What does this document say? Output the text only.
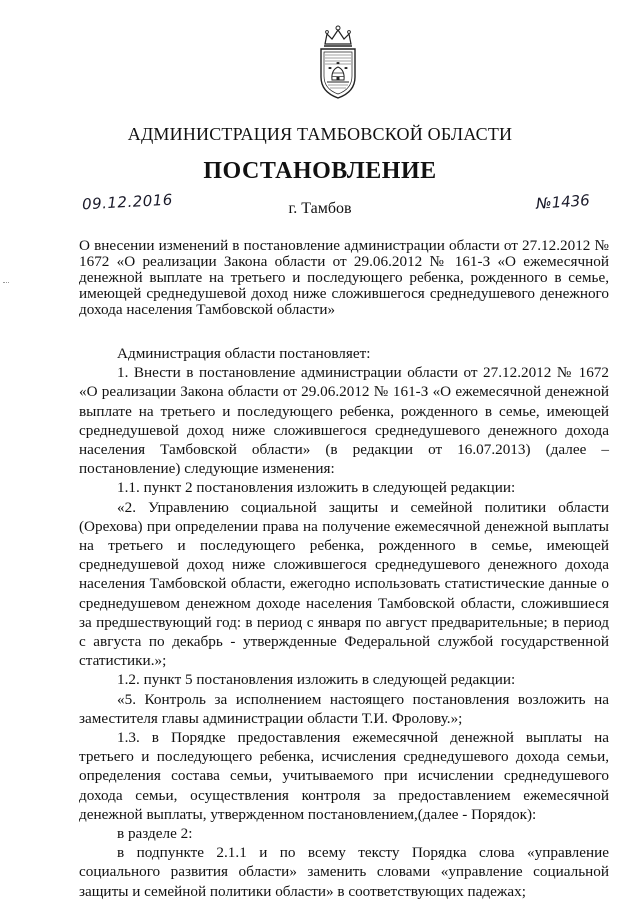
АДМИНИСТРАЦИЯ ТАМБОВСКОЙ ОБЛАСТИ
ПОСТАНОВЛЕНИЕ
09.12.2016	г. Тамбов	№1436
О внесении изменений в постановление администрации области от 27.12.2012 № 1672 «О реализации Закона области от 29.06.2012 № 161-З «О ежемесячной денежной выплате на третьего и последующего ребенка, рожденного в семье, имеющей среднедушевой доход ниже сложившегося среднедушевого денежного дохода населения Тамбовской области»

Администрация области постановляет:

1. Внести в постановление администрации области от 27.12.2012 № 1672 «О реализации Закона области от 29.06.2012 № 161-З «О ежемесячной денежной выплате на третьего и последующего ребенка, рожденного в семье, имеющей среднедушевой доход ниже сложившегося среднедушевого денежного дохода населения Тамбовской области» (в редакции от 16.07.2013) (далее – постановление) следующие изменения:

1.1. пункт 2 постановления изложить в следующей редакции:

«2. Управлению социальной защиты и семейной политики области (Орехова) при определении права на получение ежемесячной денежной выплаты на третьего и последующего ребенка, рожденного в семье, имеющей среднедушевой доход ниже сложившегося среднедушевого денежного дохода населения Тамбовской области, ежегодно использовать статистические данные о среднедушевом денежном доходе населения Тамбовской области, сложившиеся за предшествующий год: в период с января по август предварительные; в период с августа по декабрь - утвержденные Федеральной службой государственной статистики.»;

1.2. пункт 5 постановления изложить в следующей редакции:

«5. Контроль за исполнением настоящего постановления возложить на заместителя главы администрации области Т.И. Фролову.»;

1.3. в Порядке предоставления ежемесячной денежной выплаты на третьего и последующего ребенка, исчисления среднедушевого дохода семьи, определения состава семьи, учитываемого при исчислении среднедушевого дохода семьи, осуществления контроля за предоставлением ежемесячной денежной выплаты, утвержденном постановлением,(далее - Порядок):

в разделе 2:

в подпункте 2.1.1 и по всему тексту Порядка слова «управление социального развития области» заменить словами «управление социальной защиты и семейной политики области» в соответствующих падежах;
